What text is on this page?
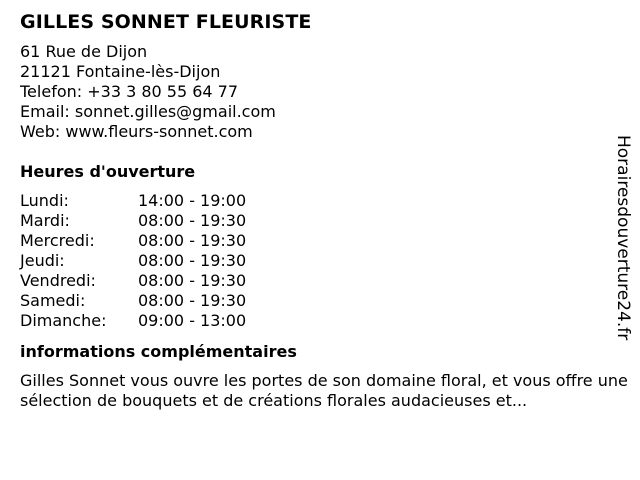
GILLES SONNET FLEURISTE
61 Rue de Dijon
21121 Fontaine-lès-Dijon
Telefon: +33 3 80 55 64 77
Email: sonnet.gilles@gmail.com
Web: www.fleurs-sonnet.com
Heures d'ouverture
Lundi:	14:00 - 19:00
Mardi:	08:00 - 19:30
Mercredi:	08:00 - 19:30
Jeudi:	08:00 - 19:30
Vendredi:	08:00 - 19:30
Samedi:	08:00 - 19:30
Dimanche:	09:00 - 13:00
informations complémentaires
Gilles Sonnet vous ouvre les portes de son domaine floral, et vous offre une sélection de bouquets et de créations florales audacieuses et...
Horairesdouverture24.fr
